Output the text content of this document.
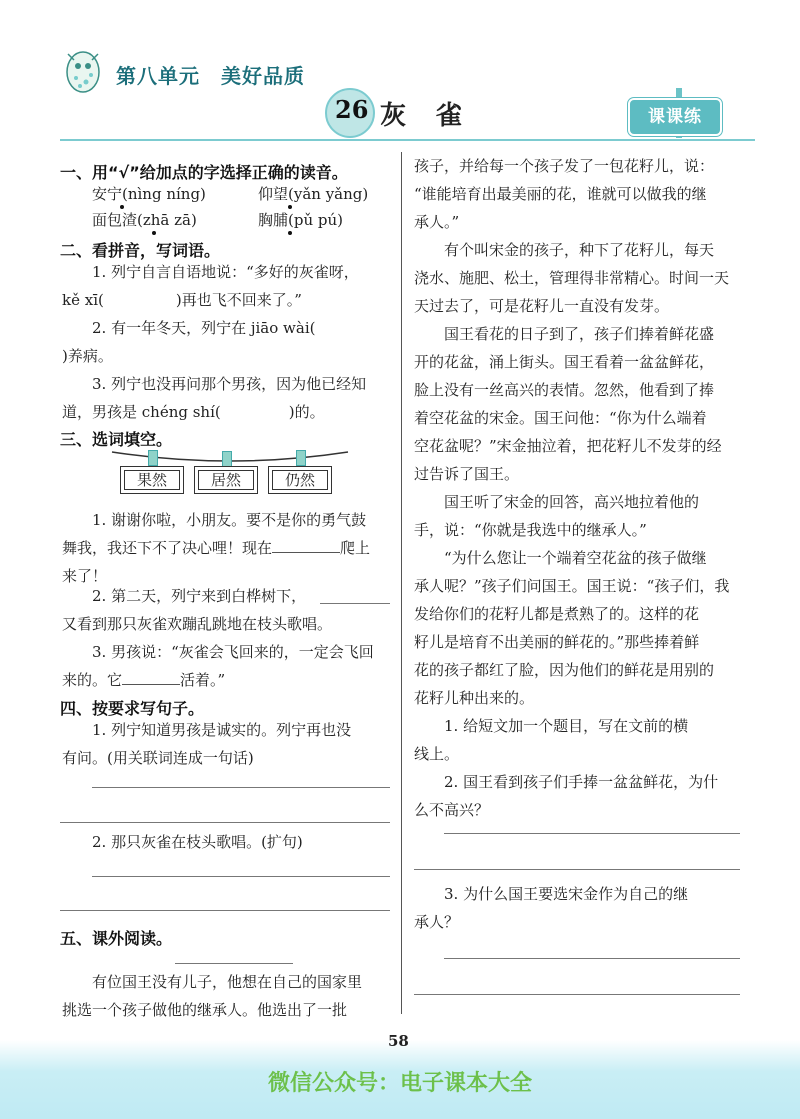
第八单元　美好品质
26 灰雀	课课练
一、用“√”给加点的字选择正确的读音。
安宁(nìng níng)	仰望(yǎn yǎng)
面包渣(zhā zā)	胸脯(pǔ pú)
二、看拼音，写词语。
1. 列宁自言自语地说：“多好的灰雀呀，
kě xī(	)再也飞不回来了。”
2. 有一年冬天，列宁在 jiāo wài(
)养病。
3. 列宁也没再问那个男孩，因为他已经知
道，男孩是 chéng shí(	)的。
三、选词填空。
果然	居然	仍然
1. 谢谢你啦，小朋友。要不是你的勇气鼓
舞我，我还下不了决心哩！现在	爬上
来了！
2. 第二天，列宁来到白桦树下，
又看到那只灰雀欢蹦乱跳地在枝头歌唱。
3. 男孩说：“灰雀会飞回来的，一定会飞回
来的。它	活着。”
四、按要求写句子。
1. 列宁知道男孩是诚实的。列宁再也没
有问。(用关联词连成一句话)
2. 那只灰雀在枝头歌唱。(扩句)
五、课外阅读。
有位国王没有儿子，他想在自己的国家里
挑选一个孩子做他的继承人。他选出了一批
孩子，并给每一个孩子发了一包花籽儿，说：
“谁能培育出最美丽的花，谁就可以做我的继
承人。”
有个叫宋金的孩子，种下了花籽儿，每天
浇水、施肥、松土，管理得非常精心。时间一天
天过去了，可是花籽儿一直没有发芽。
国王看花的日子到了，孩子们捧着鲜花盛
开的花盆，涌上街头。国王看着一盆盆鲜花，
脸上没有一丝高兴的表情。忽然，他看到了捧
着空花盆的宋金。国王问他：“你为什么端着
空花盆呢？”宋金抽泣着，把花籽儿不发芽的经
过告诉了国王。
国王听了宋金的回答，高兴地拉着他的
手，说：“你就是我选中的继承人。”
“为什么您让一个端着空花盆的孩子做继
承人呢？”孩子们问国王。国王说：“孩子们，我
发给你们的花籽儿都是煮熟了的。这样的花
籽儿是培育不出美丽的鲜花的。”那些捧着鲜
花的孩子都红了脸，因为他们的鲜花是用别的
花籽儿种出来的。
1. 给短文加一个题目，写在文前的横
线上。
2. 国王看到孩子们手捧一盆盆鲜花，为什
么不高兴？
3. 为什么国王要选宋金作为自己的继
承人？
58
微信公众号：电子课本大全
